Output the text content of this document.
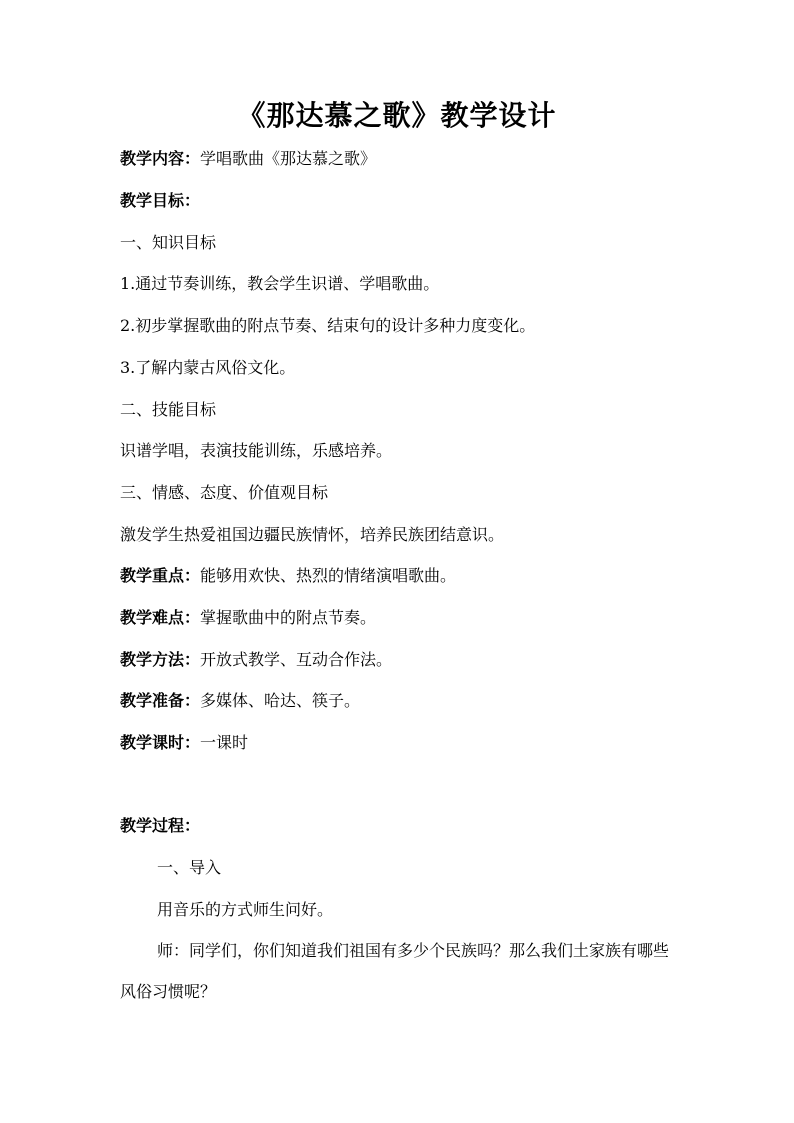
《那达慕之歌》教学设计

教学内容：学唱歌曲《那达慕之歌》

教学目标：

一、知识目标

1.通过节奏训练，教会学生识谱、学唱歌曲。

2.初步掌握歌曲的附点节奏、结束句的设计多种力度变化。

3.了解内蒙古风俗文化。

二、技能目标

识谱学唱，表演技能训练，乐感培养。

三、情感、态度、价值观目标

激发学生热爱祖国边疆民族情怀，培养民族团结意识。

教学重点：能够用欢快、热烈的情绪演唱歌曲。

教学难点：掌握歌曲中的附点节奏。

教学方法：开放式教学、互动合作法。

教学准备：多媒体、哈达、筷子。

教学课时：一课时

教学过程：

一、导入

用音乐的方式师生问好。

师：同学们，你们知道我们祖国有多少个民族吗？那么我们土家族有哪些风俗习惯呢？
